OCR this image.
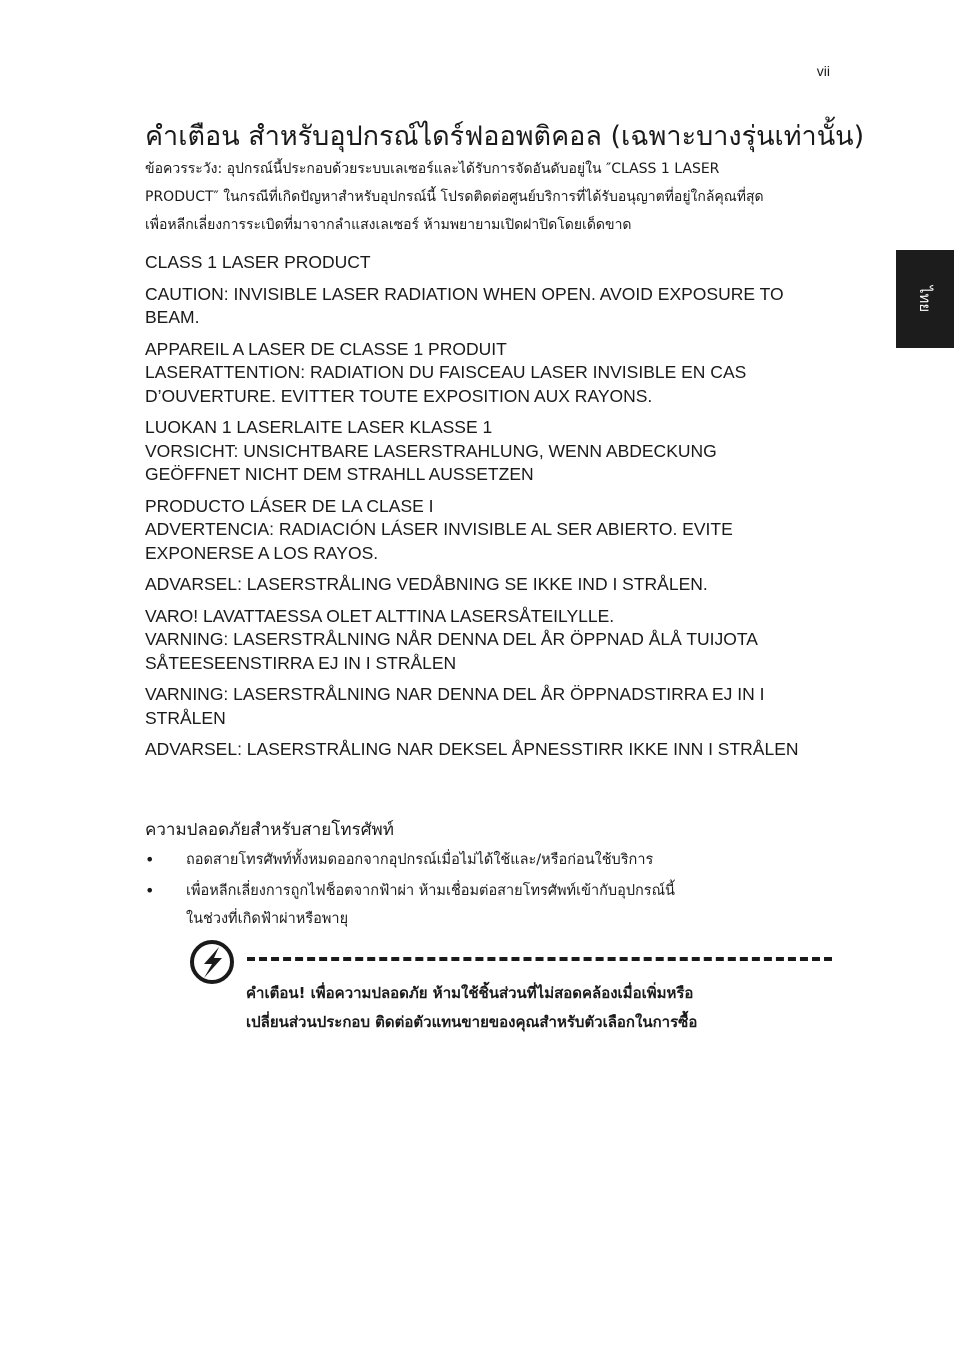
vii
ไทย
คำเตือน สำหรับอุปกรณ์ไดร์ฟออพติคอล (เฉพาะบางรุ่นเท่านั้น)
ข้อควรระวัง: อุปกรณ์นี้ประกอบด้วยระบบเลเซอร์และได้รับการจัดอันดับอยู่ใน ″CLASS 1 LASER
PRODUCT″ ในกรณีที่เกิดปัญหาสำหรับอุปกรณ์นี้ โปรดติดต่อศูนย์บริการที่ได้รับอนุญาตที่อยู่ใกล้คุณที่สุด
เพื่อหลีกเลี่ยงการระเบิดที่มาจากลำแสงเลเซอร์ ห้ามพยายามเปิดฝาปิดโดยเด็ดขาด
CLASS 1 LASER PRODUCT
CAUTION: INVISIBLE LASER RADIATION WHEN OPEN. AVOID EXPOSURE TO BEAM.
APPAREIL A LASER DE CLASSE 1 PRODUIT
LASERATTENTION: RADIATION DU FAISCEAU LASER INVISIBLE EN CAS D’OUVERTURE. EVITTER TOUTE EXPOSITION AUX RAYONS.
LUOKAN 1 LASERLAITE LASER KLASSE 1
VORSICHT: UNSICHTBARE LASERSTRAHLUNG, WENN ABDECKUNG GEÖFFNET NICHT DEM STRAHLL AUSSETZEN
PRODUCTO LÁSER DE LA CLASE I
ADVERTENCIA: RADIACIÓN LÁSER INVISIBLE AL SER ABIERTO. EVITE EXPONERSE A LOS RAYOS.
ADVARSEL: LASERSTRÅLING VEDÅBNING SE IKKE IND I STRÅLEN.
VARO! LAVATTAESSA OLET ALTTINA LASERSÅTEILYLLE.
VARNING: LASERSTRÅLNING NÅR DENNA DEL ÅR ÖPPNAD ÅLÅ TUIJOTA SÅTEESEENSTIRRA EJ IN I STRÅLEN
VARNING: LASERSTRÅLNING NAR DENNA DEL ÅR ÖPPNADSTIRRA EJ IN I STRÅLEN
ADVARSEL: LASERSTRÅLING NAR DEKSEL ÅPNESSTIRR IKKE INN I STRÅLEN
ความปลอดภัยสำหรับสายโทรศัพท์
• ถอดสายโทรศัพท์ทั้งหมดออกจากอุปกรณ์เมื่อไม่ได้ใช้และ/หรือก่อนใช้บริการ
• เพื่อหลีกเลี่ยงการถูกไฟช็อตจากฟ้าผ่า ห้ามเชื่อมต่อสายโทรศัพท์เข้ากับอุปกรณ์นี้
ในช่วงที่เกิดฟ้าผ่าหรือพายุ
คำเตือน! เพื่อความปลอดภัย ห้ามใช้ชิ้นส่วนที่ไม่สอดคล้องเมื่อเพิ่มหรือ
เปลี่ยนส่วนประกอบ ติดต่อตัวแทนขายของคุณสำหรับตัวเลือกในการซื้อ
